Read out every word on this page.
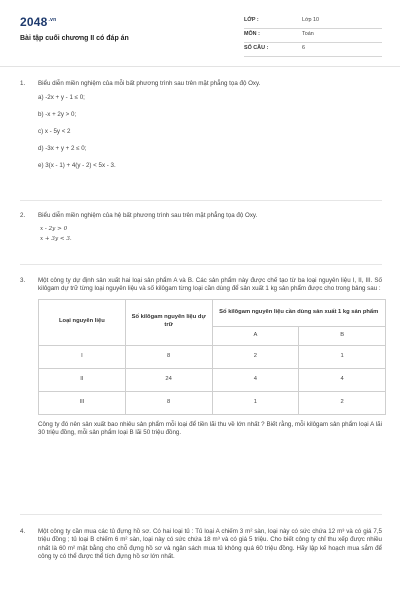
$2048^{.vn}$
Bài tập cuối chương II có đáp án
LỚP :	Lớp 10
MÔN :	Toán
SỐ CÂU :	6
1. Biểu diễn miền nghiệm của mỗi bất phương trình sau trên mặt phẳng tọa độ Oxy.
a) -2x + y - 1 ≤ 0;
b) -x + 2y > 0;
c) x - 5y < 2
d) -3x + y + 2 ≤ 0;
e) 3(x - 1) + 4(y - 2) < 5x - 3.
2. Biểu diễn miền nghiệm của hệ bất phương trình sau trên mặt phẳng tọa độ Oxy.
x - 2y > 0
x + 3y < 3.
3. Một công ty dự định sản xuất hai loại sản phẩm A và B. Các sản phẩm này được chế tạo từ ba loại nguyên liệu I, II, III. Số kilôgam dự trữ từng loại nguyên liệu và số kilôgam từng loại cần dùng để sản xuất 1 kg sản phẩm được cho trong bảng sau :
Loại nguyên liệu	Số kilôgam nguyên liệu dự trữ	Số kilôgam nguyên liệu cần dùng sản xuất 1 kg sản phẩm	
		A	B
I	8	2	1
II	24	4	4
III	8	1	2
Công ty đó nên sản xuất bao nhiêu sản phẩm mỗi loại để tiền lãi thu về lớn nhất ? Biết rằng, mỗi kilôgam sản phẩm loại A lãi 30 triệu đồng, mỗi sản phẩm loại B lãi 50 triệu đồng.
4. Một công ty cần mua các tủ đựng hồ sơ. Có hai loại tủ : Tủ loại A chiếm 3 m² sàn, loại này có sức chứa 12 m³ và có giá 7,5 triệu đồng ; tủ loại B chiếm 6 m² sàn, loại này có sức chứa 18 m³ và có giá 5 triệu. Cho biết công ty chỉ thu xếp được nhiều nhất là 60 m² mặt bằng cho chỗ đựng hồ sơ và ngân sách mua tủ không quá 60 triệu đồng. Hãy lập kế hoạch mua sắm để công ty có thể được thể tích đựng hồ sơ lớn nhất.
